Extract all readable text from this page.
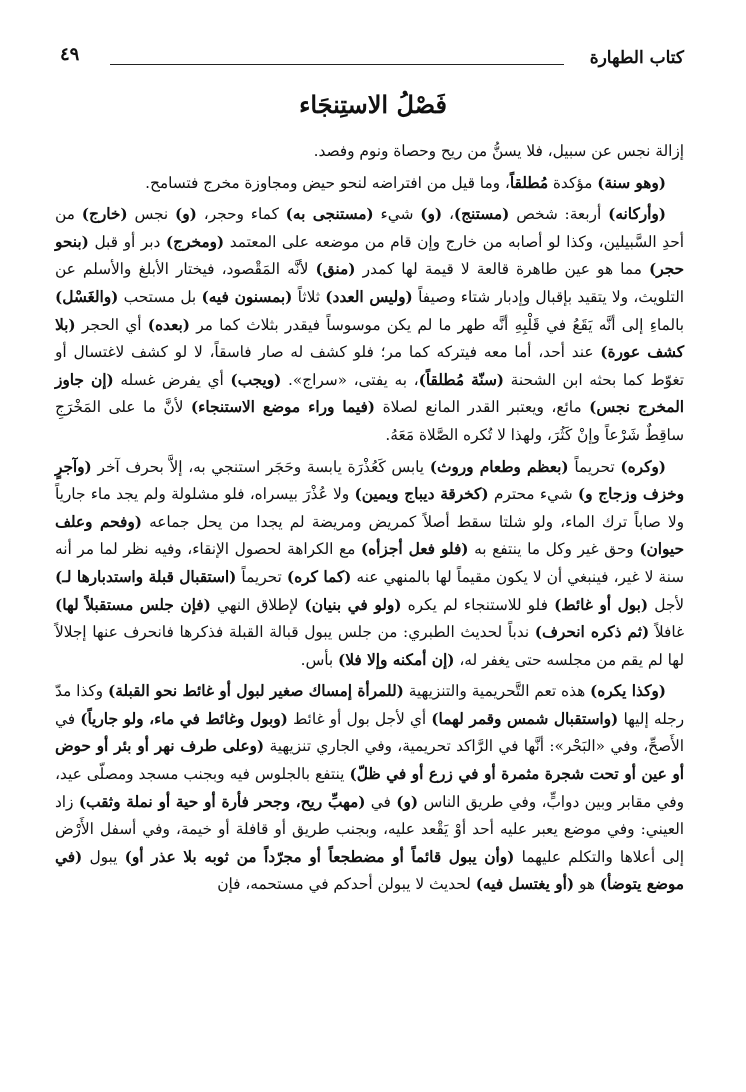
كتاب الطهارة
٤٩
فَصْلُ الاستِنجَاء

إزالة نجس عن سبيل، فلا يسنُّ من ريح وحصاة ونوم وفصد.

(وهو سنة) مؤكدة مُطلقاً، وما قيل من افتراضه لنحو حيض ومجاوزة مخرج فتسامح.

(وأركانه) أربعة: شخص (مستنج)، (و) شيء (مستنجى به) كماء وحجر، (و) نجس (خارج) من أحدِ السَّبيلين، وكذا لو أصابه من خارج وإن قام من موضعه على المعتمد (ومخرج) دبر أو قبل (بنحو حجر) مما هو عين طاهرة قالعة لا قيمة لها كمدر (منق) لأنَّه المَقْصود، فيختار الأبلغ والأسلم عن التلويث، ولا يتقيد بإقبال وإدبار شتاء وصيفاً (وليس العدد) ثلاثاً (بمسنون فيه) بل مستحب (والغَسْل) بالماءِ إلى أنَّه يَقَعُ في قَلْبِهِ أنَّه طهر ما لم يكن موسوساً فيقدر بثلاث كما مر (بعده) أي الحجر (بلا كشف عورة) عند أحد، أما معه فيتركه كما مر؛ فلو كشف له صار فاسقاً، لا لو كشف لاغتسال أو تغوّط كما بحثه ابن الشحنة (سنّة مُطلقاً)، به يفتى، «سراج». (ويجب) أي يفرض غسله (إن جاوز المخرج نجس) مائع، ويعتبر القدر المانع لصلاة (فيما وراء موضع الاستنجاء) لأنَّ ما على المَخْرَجِ ساقِطٌ شَرْعاً وإنْ كَثُرَ، ولهذا لا تُكره الصَّلاة مَعَهُ.

(وكره) تحريماً (بعظم وطعام وروث) يابس كَعُذْرَة يابسة وحَجَر استنجي به، إلاَّ بحرف آخر (وآجرٍ وخزف وزجاج و) شيء محترم (كخرقة ديباج ويمين) ولا عُذْرَ بيسراه، فلو مشلولة ولم يجد ماء جارياً ولا صاباً ترك الماء، ولو شلتا سقط أصلاً كمريض ومريضة لم يجدا من يحل جماعه (وفحم وعلف حيوان) وحق غير وكل ما ينتفع به (فلو فعل أجزأه) مع الكراهة لحصول الإنقاء، وفيه نظر لما مر أنه سنة لا غير، فينبغي أن لا يكون مقيماً لها بالمنهي عنه (كما كره) تحريماً (استقبال قبلة واستدبارها لـ) لأجل (بول أو غائط) فلو للاستنجاء لم يكره (ولو في بنيان) لإطلاق النهي (فإن جلس مستقبلاً لها) غافلاً (ثم ذكره انحرف) ندباً لحديث الطبري: من جلس يبول قبالة القبلة فذكرها فانحرف عنها إجلالاً لها لم يقم من مجلسه حتى يغفر له، (إن أمكنه وإلا فلا) بأس.

(وكذا يكره) هذه تعم التَّحريمية والتنزيهية (للمرأة إمساك صغير لبول أو غائط نحو القبلة) وكذا مدّ رجله إليها (واستقبال شمس وقمر لهما) أي لأجل بول أو غائط (وبول وغائط في ماء، ولو جارياً) في الأَصحِّ، وفي «البَحْر»: أنَّها في الرَّاكد تحريمية، وفي الجاري تنزيهية (وعلى طرف نهر أو بئر أو حوض أو عين أو تحت شجرة مثمرة أو في زرع أو في ظلّ) ينتفع بالجلوس فيه وبجنب مسجد ومصلّى عيد، وفي مقابر وبين دوابٍّ، وفي طريق الناس (و) في (مهبِّ ريح، وجحر فأرة أو حية أو نملة وثقب) زاد العيني: وفي موضع يعبر عليه أحد أوْ يَقْعد عليه، وبجنب طريق أو قافلة أو خيمة، وفي أسفل الأَرْض إلى أعلاها والتكلم عليهما (وأن يبول قائماً أو مضطجعاً أو مجرّداً من ثوبه بلا عذر أو) يبول (في موضع يتوضأ) هو (أو يغتسل فيه) لحديث لا يبولن أحدكم في مستحمه، فإن
